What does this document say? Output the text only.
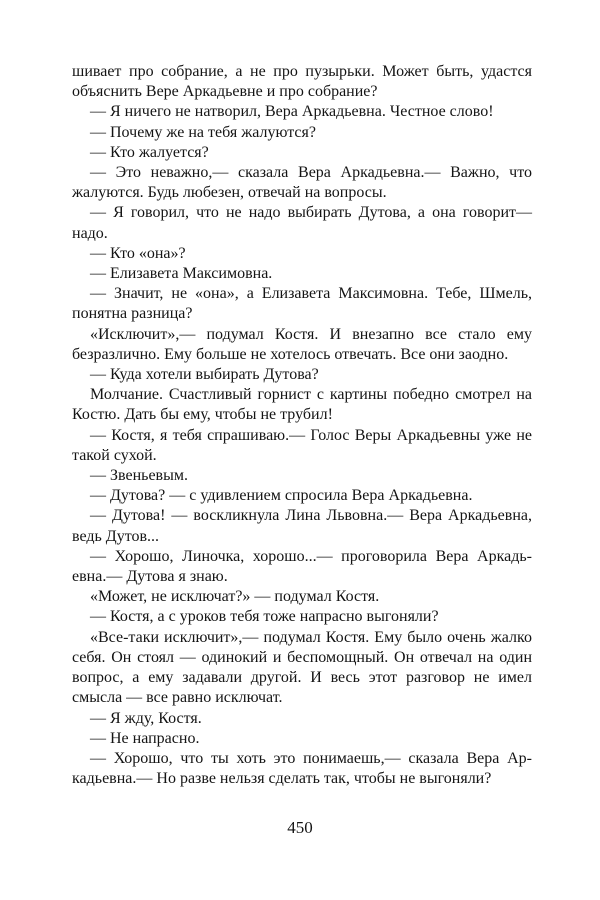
шивает про собрание, а не про пузырьки. Может быть, удастся объяснить Вере Аркадьевне и про собрание?

— Я ничего не натворил, Вера Аркадьевна. Честное слово!

— Почему же на тебя жалуются?

— Кто жалуется?

— Это неважно,— сказала Вера Аркадьевна.— Важно, что жалуются. Будь любезен, отвечай на вопросы.

— Я говорил, что не надо выбирать Дутова, а она говорит— надо.

— Кто «она»?

— Елизавета Максимовна.

— Значит, не «она», а Елизавета Максимовна. Тебе, Шмель, понятна разница?

«Исключит»,— подумал Костя. И внезапно все стало ему безразлично. Ему больше не хотелось отвечать. Все они заодно.

— Куда хотели выбирать Дутова?

Молчание. Счастливый горнист с картины победно смотрел на Костю. Дать бы ему, чтобы не трубил!

— Костя, я тебя спрашиваю.— Голос Веры Аркадьевны уже не такой сухой.

— Звеньевым.

— Дутова? — с удивлением спросила Вера Аркадьевна.

— Дутова! — воскликнула Лина Львовна.— Вера Аркадьевна, ведь Дутов...

— Хорошо, Линочка, хорошо...— проговорила Вера Аркадьевна.— Дутова я знаю.

«Может, не исключат?» — подумал Костя.

— Костя, а с уроков тебя тоже напрасно выгоняли?

«Все-таки исключит»,— подумал Костя. Ему было очень жалко себя. Он стоял — одинокий и беспомощный. Он отвечал на один вопрос, а ему задавали другой. И весь этот разговор не имел смысла — все равно исключат.

— Я жду, Костя.

— Не напрасно.

— Хорошо, что ты хоть это понимаешь,— сказала Вера Аркадьевна.— Но разве нельзя сделать так, чтобы не выгоняли?

450
